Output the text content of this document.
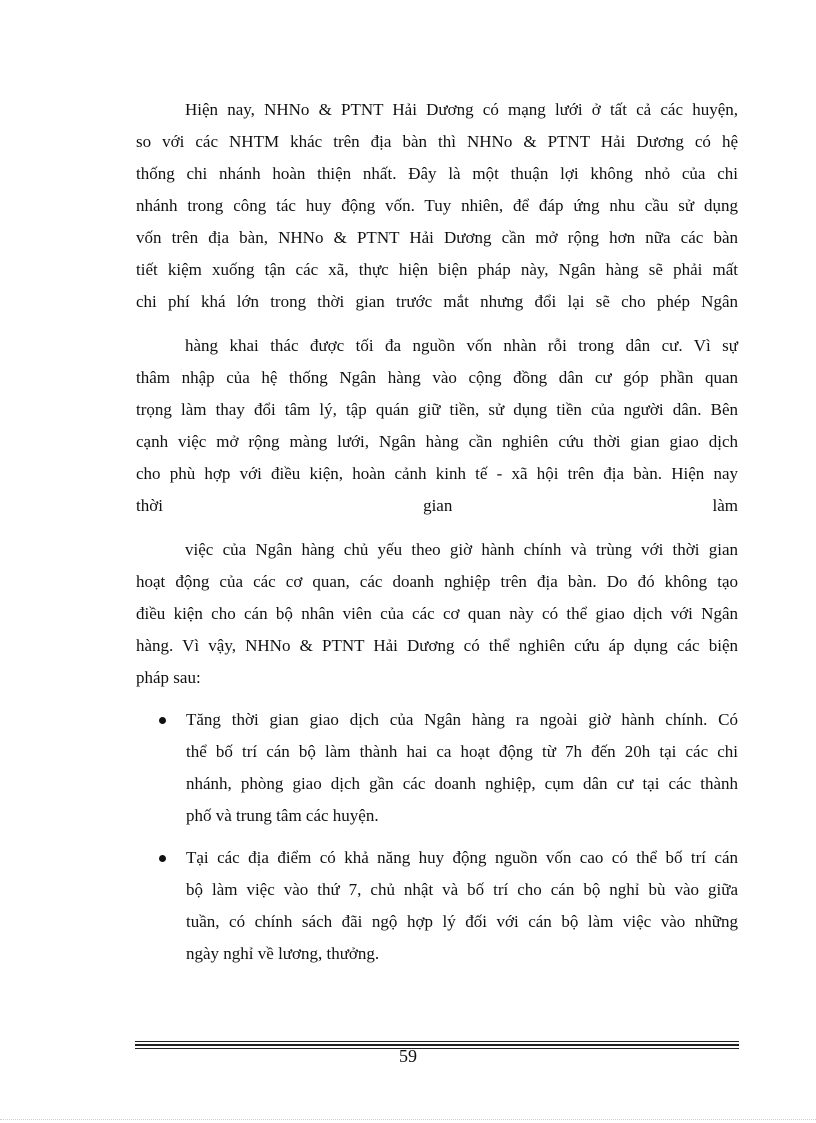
Hiện nay, NHNo & PTNT Hải Dương có mạng lưới ở tất cả các huyện,
so với các NHTM khác trên địa bàn thì NHNo & PTNT Hải Dương có hệ
thống chi nhánh hoàn thiện nhất. Đây là một thuận lợi không nhỏ của chi
nhánh trong công tác huy động vốn. Tuy nhiên, để đáp ứng nhu cầu sử dụng
vốn trên địa bàn, NHNo & PTNT Hải Dương cần mở rộng hơn nữa các bàn
tiết kiệm xuống tận các xã, thực hiện biện pháp này, Ngân hàng sẽ phải mất
chi phí khá lớn trong thời gian trước mắt nhưng đổi lại sẽ cho phép Ngân
hàng khai thác được tối đa nguồn vốn nhàn rỗi trong dân cư. Vì sự
thâm nhập của hệ thống Ngân hàng vào cộng đồng dân cư góp phần quan
trọng làm thay đổi tâm lý, tập quán giữ tiền, sử dụng tiền của người dân. Bên
cạnh việc mở rộng màng lưới, Ngân hàng cần nghiên cứu thời gian giao dịch
cho phù hợp với điều kiện, hoàn cảnh kinh tế - xã hội trên địa bàn. Hiện nay
thời gian làm
việc của Ngân hàng chủ yếu theo giờ hành chính và trùng với thời gian
hoạt động của các cơ quan, các doanh nghiệp trên địa bàn. Do đó không tạo
điều kiện cho cán bộ nhân viên của các cơ quan này có thể giao dịch với Ngân
hàng. Vì vậy, NHNo & PTNT Hải Dương có thể nghiên cứu áp dụng các biện
pháp sau:
Tăng thời gian giao dịch của Ngân hàng ra ngoài giờ hành chính. Có
thể bố trí cán bộ làm thành hai ca hoạt động từ 7h đến 20h tại các chi
nhánh, phòng giao dịch gần các doanh nghiệp, cụm dân cư tại các thành
phố và trung tâm các huyện.
Tại các địa điểm có khả năng huy động nguồn vốn cao có thể bố trí cán
bộ làm việc vào thứ 7, chủ nhật và bố trí cho cán bộ nghỉ bù vào giữa
tuần, có chính sách đãi ngộ hợp lý đối với cán bộ làm việc vào những
ngày nghỉ về lương, thưởng.
59
